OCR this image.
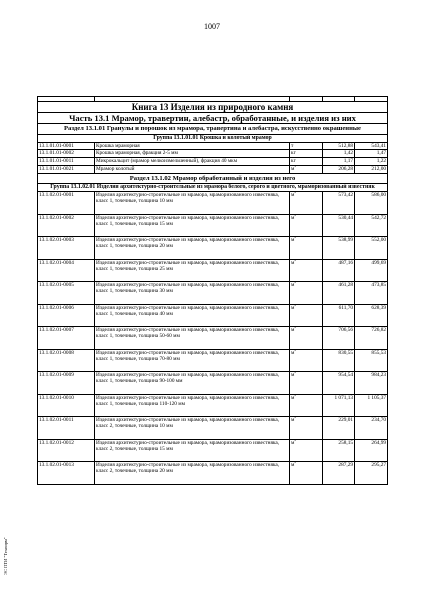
1007
ЭС ПТИ "Технорм"

Книга 13 Изделия из природного камня				
Часть 13.1 Мрамор, травертин, алебастр, обработанные, и изделия из них				
Раздел 13.1.01 Гранулы и порошок из мрамора, травертина и алебастра, искусственно окрашенные				
Группа 13.1.01.01 Крошка и колотый мрамор				
13.1.01.01-0001	Крошка мраморная	т	512,88	543,41
13.1.01.01-0002	Крошка мраморная, фракция 2-5 мм	кг	1,42	1,47
13.1.01.01-0011	Микрокальцит (мрамор мелкоизмельченный), фракция 40 мкм	кг	1,17	1,22
13.1.01.01-0021	Мрамор колотый	$м^3$	206,28	212,00
Раздел 13.1.02 Мрамор обработанный и изделия из него				
Группа 13.1.02.01 Изделия архитектурно-строительные из мрамора белого, серого и цветного, мраморизованный известняк				
13.1.02.01-0001	Изделия архитектурно-строительные из мрамора, мраморизованного известняка, класс 1, точечные, толщина 10 мм	$м^2$	573,42	586,00
13.1.02.01-0002	Изделия архитектурно-строительные из мрамора, мраморизованного известняка, класс 1, точечные, толщина 15 мм	$м^2$	530,44	542,72
13.1.02.01-0003	Изделия архитектурно-строительные из мрамора, мраморизованного известняка, класс 1, точечные, толщина 20 мм	$м^2$	538,99	552,00
13.1.02.01-0004	Изделия архитектурно-строительные из мрамора, мраморизованного известняка, класс 1, точечные, толщина 25 мм	$м^2$	487,16	499,69
13.1.02.01-0005	Изделия архитектурно-строительные из мрамора, мраморизованного известняка, класс 1, точечные, толщина 30 мм	$м^2$	461,28	473,85
13.1.02.01-0006	Изделия архитектурно-строительные из мрамора, мраморизованного известняка, класс 1, точечные, толщина 40 мм	$м^2$	611,70	628,39
13.1.02.01-0007	Изделия архитектурно-строительные из мрамора, мраморизованного известняка, класс 1, точечные, толщина 50-60 мм	$м^2$	706,56	726,82
13.1.02.01-0008	Изделия архитектурно-строительные из мрамора, мраморизованного известняка, класс 1, точечные, толщина 70-80 мм	$м^2$	830,55	855,53
13.1.02.01-0009	Изделия архитектурно-строительные из мрамора, мраморизованного известняка, класс 1, точечные, толщина 90-100 мм	$м^2$	954,54	984,23
13.1.02.01-0010	Изделия архитектурно-строительные из мрамора, мраморизованного известняка, класс 1, точечные, толщина 110-120 мм	$м^2$	1 071,13	1 105,37
13.1.02.01-0011	Изделия архитектурно-строительные из мрамора, мраморизованного известняка, класс 2, точечные, толщина 10 мм	$м^2$	229,01	234,70
13.1.02.01-0012	Изделия архитектурно-строительные из мрамора, мраморизованного известняка, класс 2, точечные, толщина 15 мм	$м^2$	258,15	264,99
13.1.02.01-0013	Изделия архитектурно-строительные из мрамора, мраморизованного известняка, класс 2, точечные, толщина 20 мм	$м^2$	287,29	295,27
